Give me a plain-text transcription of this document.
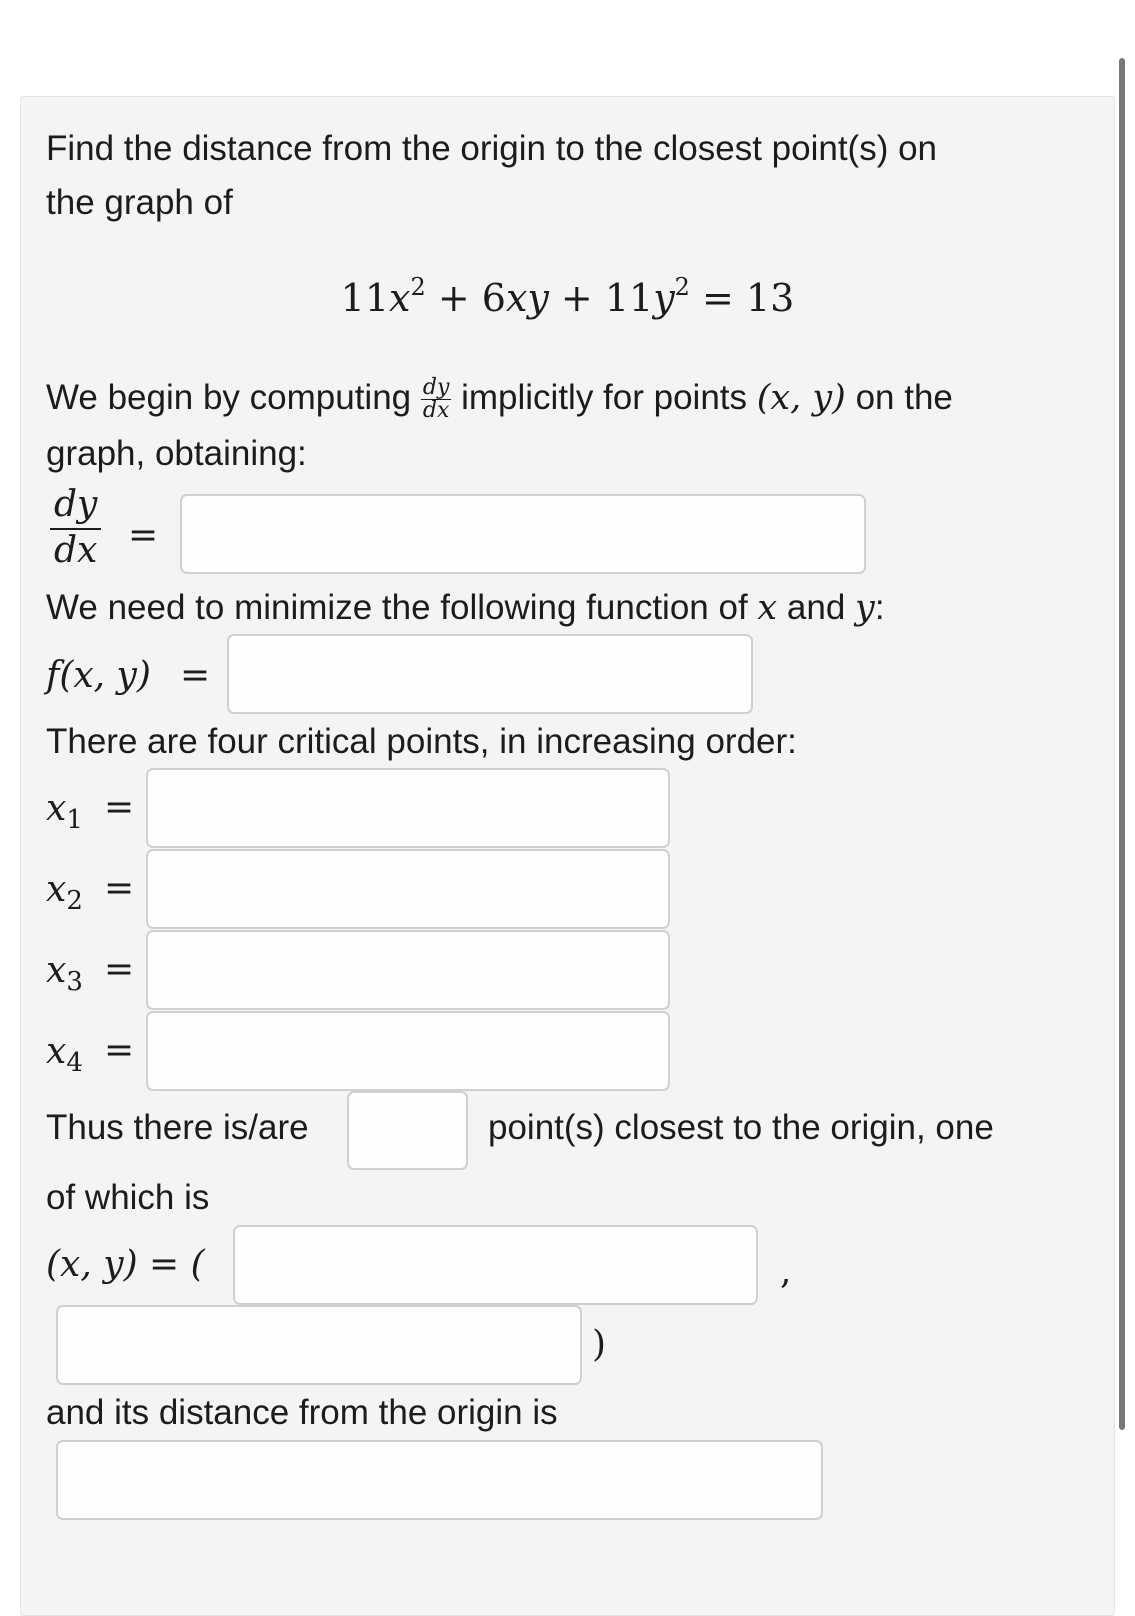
Find the distance from the origin to the closest point(s) on
the graph of
$11x^2 + 6xy + 11y^2 = 13$
We begin by computing $\frac{dy}{dx}$ implicitly for points (x, y) on the
graph, obtaining:
$\frac{dy}{dx}$ =
We need to minimize the following function of x and y:
f(x, y) =
There are four critical points, in increasing order:
$x_1$ =
$x_2$ =
$x_3$ =
$x_4$ =
Thus there is/are	point(s) closest to the origin, one
of which is
(x, y) = (	,
)
and its distance from the origin is
